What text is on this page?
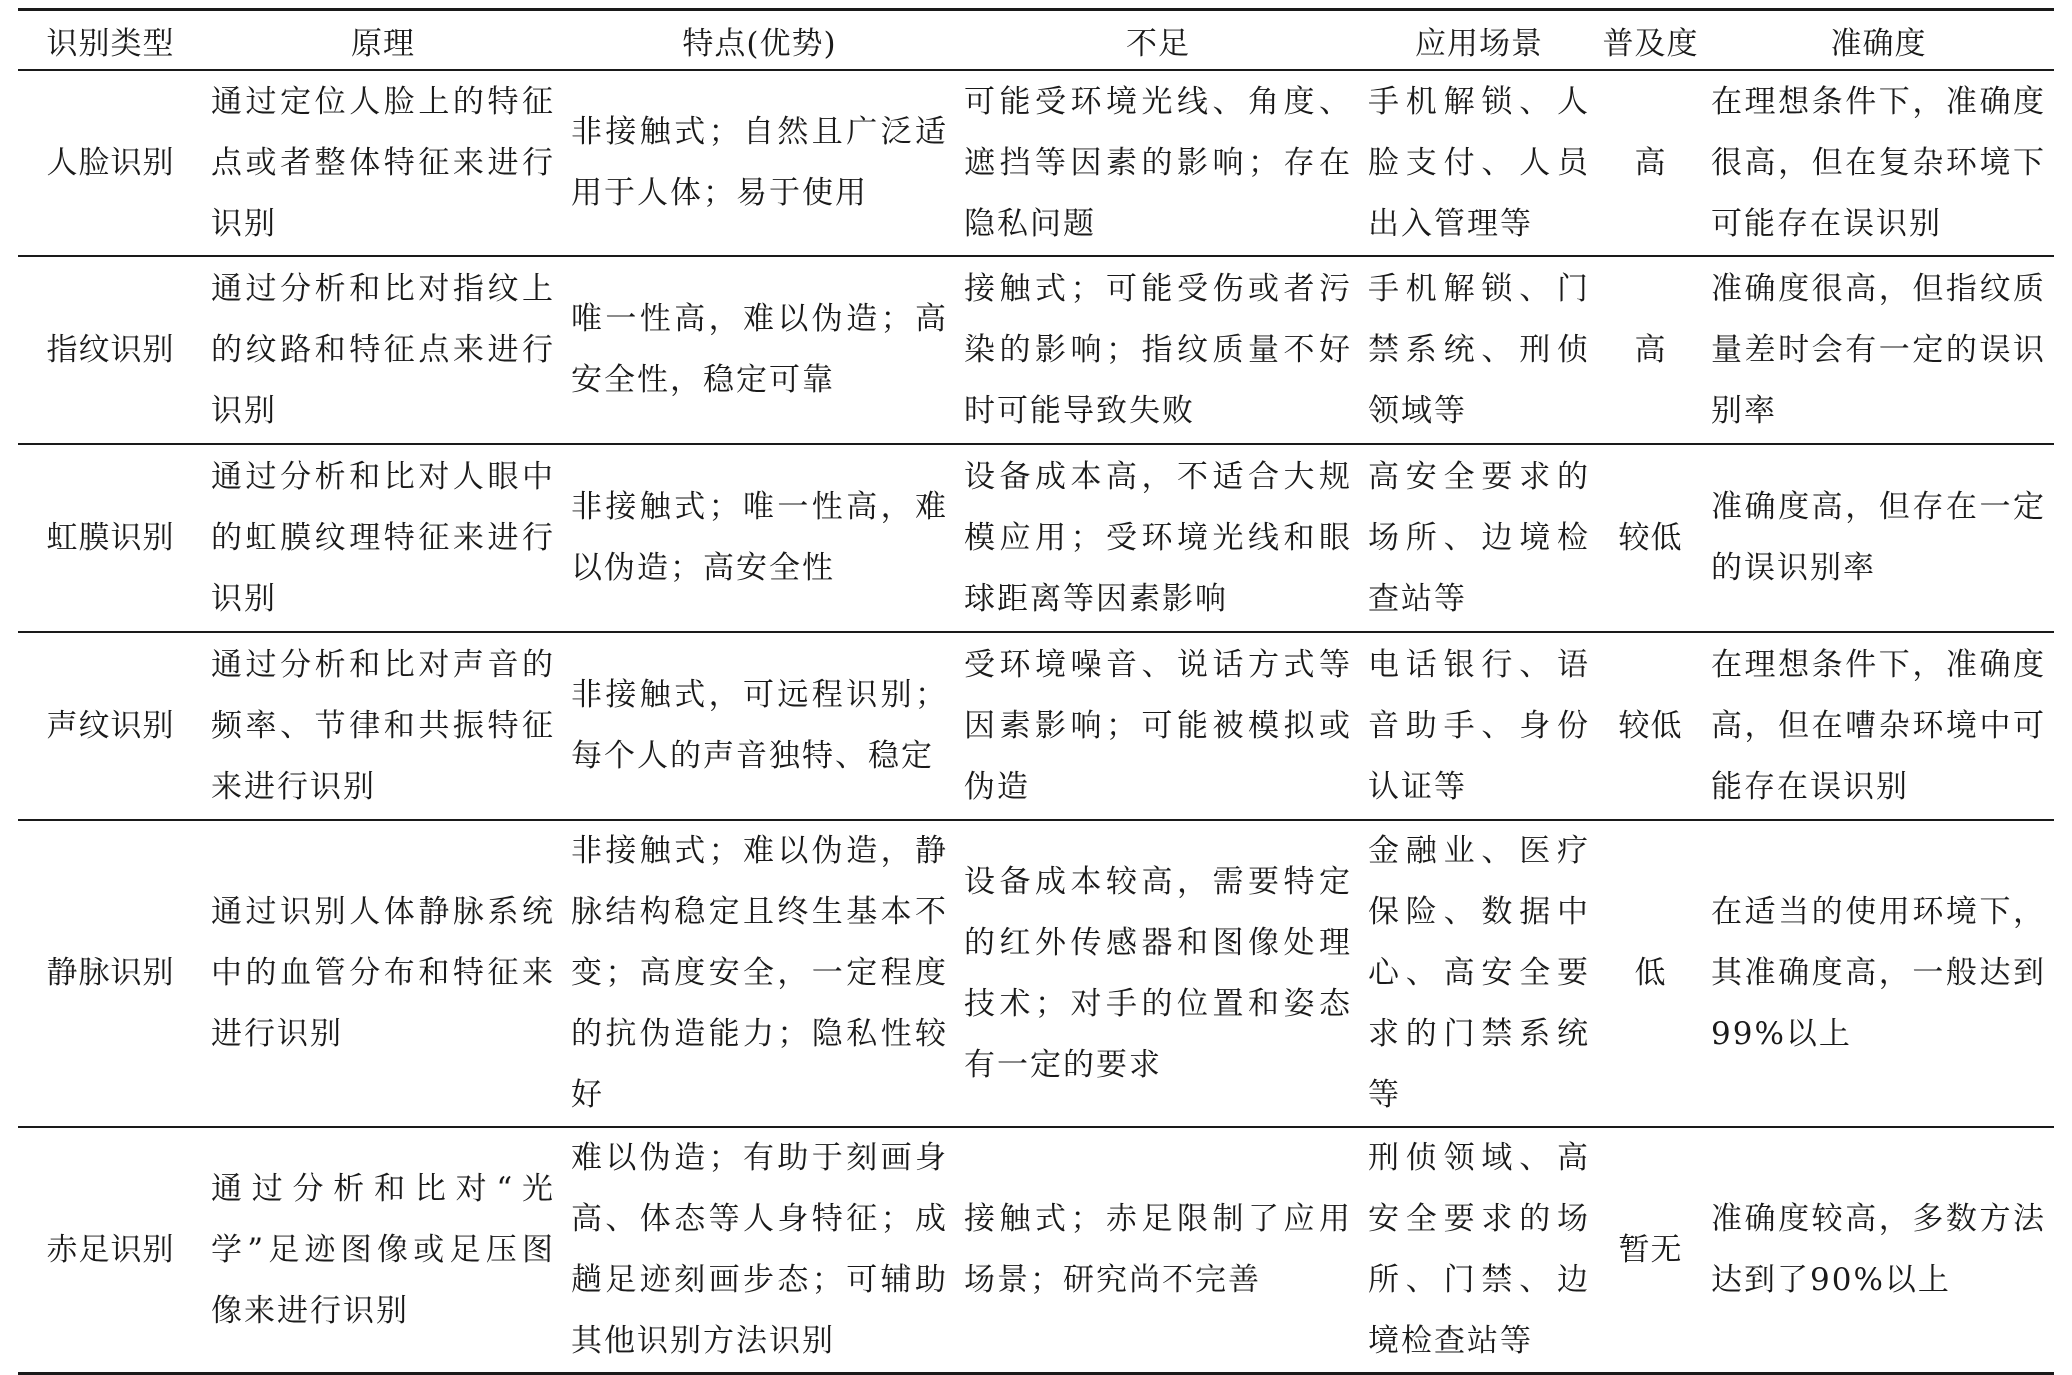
识别类型	原理	特点(优势)	不足	应用场景	普及度	准确度
人脸识别	通过定位人脸上的特征点或者整体特征来进行识别	非接触式；自然且广泛适用于人体；易于使用	可能受环境光线、角度、遮挡等因素的影响；存在隐私问题	手机解锁、人脸支付、人员出入管理等	高	在理想条件下，准确度很高，但在复杂环境下可能存在误识别
指纹识别	通过分析和比对指纹上的纹路和特征点来进行识别	唯一性高，难以伪造；高安全性，稳定可靠	接触式；可能受伤或者污染的影响；指纹质量不好时可能导致失败	手机解锁、门禁系统、刑侦领域等	高	准确度很高，但指纹质量差时会有一定的误识别率
虹膜识别	通过分析和比对人眼中的虹膜纹理特征来进行识别	非接触式；唯一性高，难以伪造；高安全性	设备成本高，不适合大规模应用；受环境光线和眼球距离等因素影响	高安全要求的场所、边境检查站等	较低	准确度高，但存在一定的误识别率
声纹识别	通过分析和比对声音的频率、节律和共振特征来进行识别	非接触式，可远程识别；每个人的声音独特、稳定	受环境噪音、说话方式等因素影响；可能被模拟或伪造	电话银行、语音助手、身份认证等	较低	在理想条件下，准确度高，但在嘈杂环境中可能存在误识别
静脉识别	通过识别人体静脉系统中的血管分布和特征来进行识别	非接触式；难以伪造，静脉结构稳定且终生基本不变；高度安全，一定程度的抗伪造能力；隐私性较好	设备成本较高，需要特定的红外传感器和图像处理技术；对手的位置和姿态有一定的要求	金融业、医疗保险、数据中心、高安全要求的门禁系统等	低	在适当的使用环境下，其准确度高，一般达到99%以上
赤足识别	通过分析和比对“光学”足迹图像或足压图像来进行识别	难以伪造；有助于刻画身高、体态等人身特征；成趟足迹刻画步态；可辅助其他识别方法识别	接触式；赤足限制了应用场景；研究尚不完善	刑侦领域、高安全要求的场所、门禁、边境检查站等	暂无	准确度较高，多数方法达到了90%以上
